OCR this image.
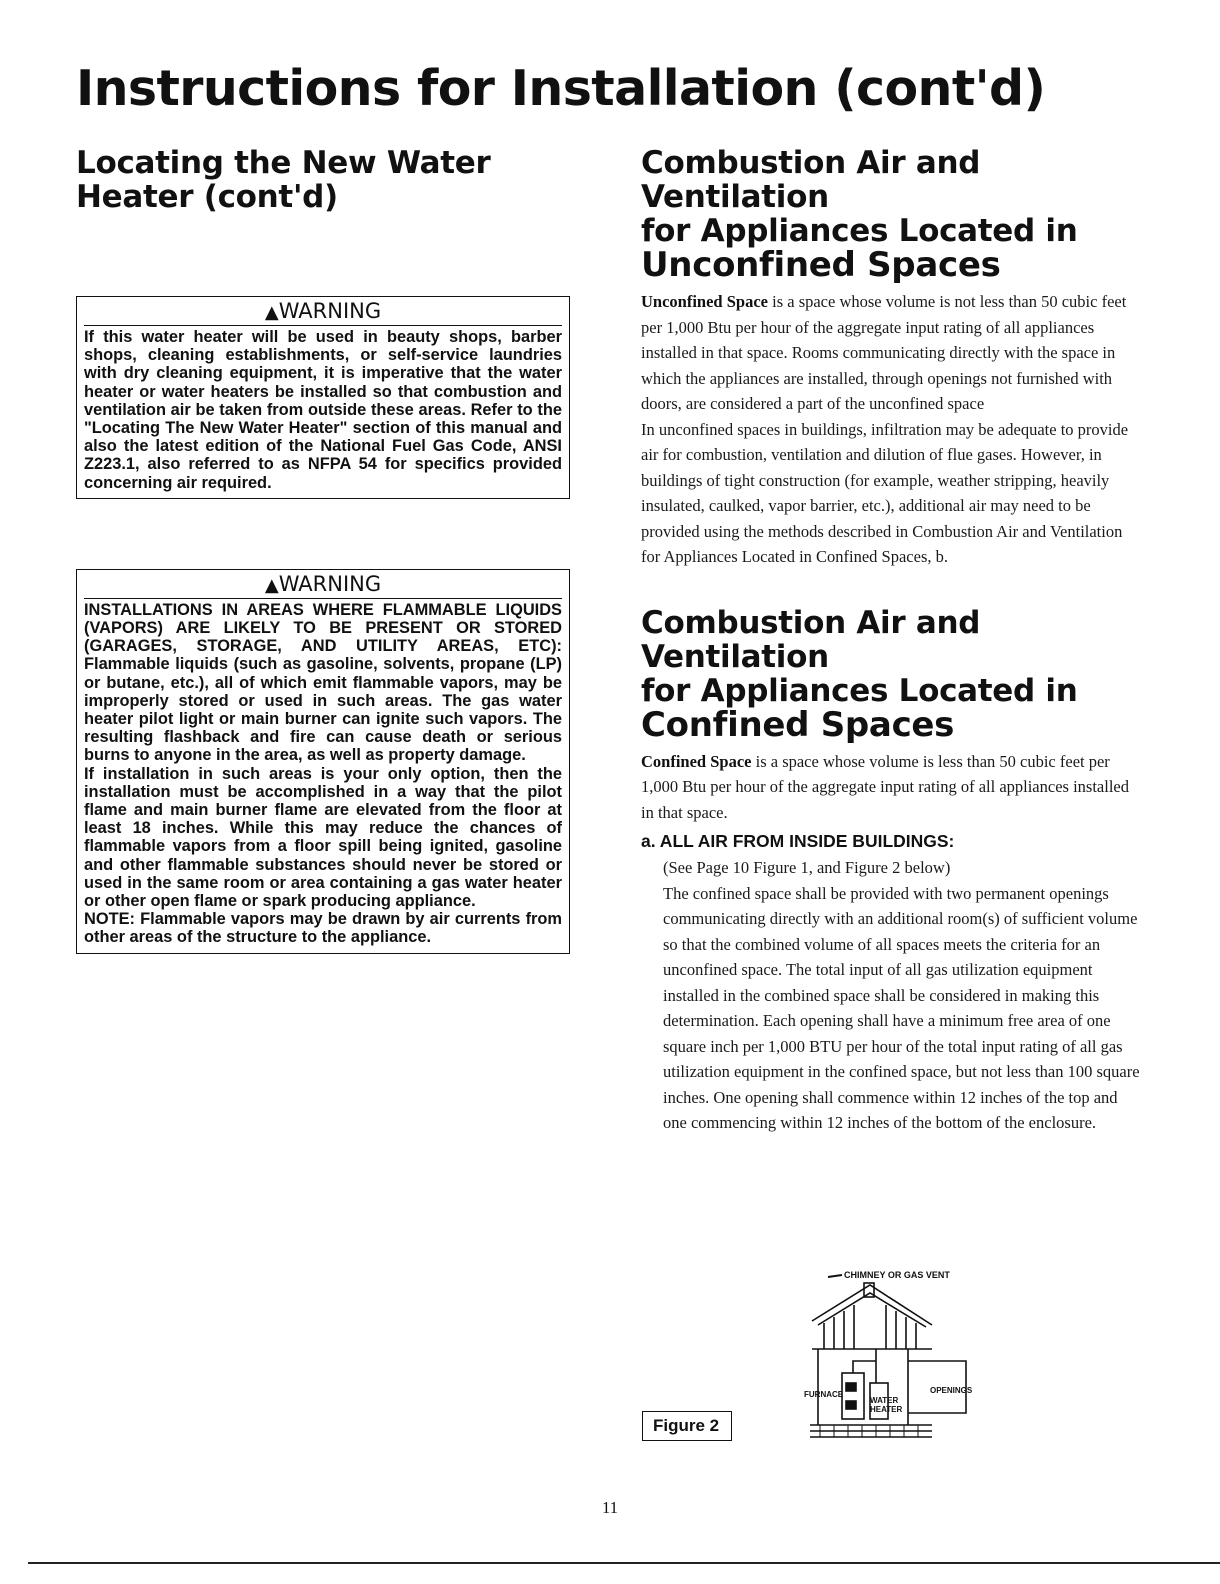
Instructions for Installation (cont'd)
Locating the New Water Heater (cont'd)
▲WARNING

If this water heater will be used in beauty shops, barber shops, cleaning establishments, or self-service laundries with dry cleaning equipment, it is imperative that the water heater or water heaters be installed so that combustion and ventilation air be taken from outside these areas. Refer to the "Locating The New Water Heater" section of this manual and also the latest edition of the National Fuel Gas Code, ANSI Z223.1, also referred to as NFPA 54 for specifics provided concerning air required.

▲WARNING

INSTALLATIONS IN AREAS WHERE FLAMMABLE LIQUIDS (VAPORS) ARE LIKELY TO BE PRESENT OR STORED (GARAGES, STORAGE, AND UTILITY AREAS, ETC): Flammable liquids (such as gasoline, solvents, propane (LP) or butane, etc.), all of which emit flammable vapors, may be improperly stored or used in such areas. The gas water heater pilot light or main burner can ignite such vapors. The resulting flashback and fire can cause death or serious burns to anyone in the area, as well as property damage.

If installation in such areas is your only option, then the installation must be accomplished in a way that the pilot flame and main burner flame are elevated from the floor at least 18 inches. While this may reduce the chances of flammable vapors from a floor spill being ignited, gasoline and other flammable substances should never be stored or used in the same room or area containing a gas water heater or other open flame or spark producing appliance.

NOTE: Flammable vapors may be drawn by air currents from other areas of the structure to the appliance.

Combustion Air and Ventilation
for Appliances Located in
Unconfined Spaces

Unconfined Space is a space whose volume is not less than 50 cubic feet per 1,000 Btu per hour of the aggregate input rating of all appliances installed in that space. Rooms communicating directly with the space in which the appliances are installed, through openings not furnished with doors, are considered a part of the unconfined space

In unconfined spaces in buildings, infiltration may be adequate to provide air for combustion, ventilation and dilution of flue gases. However, in buildings of tight construction (for example, weather stripping, heavily insulated, caulked, vapor barrier, etc.), additional air may need to be provided using the methods described in Combustion Air and Ventilation for Appliances Located in Confined Spaces, b.

Combustion Air and Ventilation
for Appliances Located in
Confined Spaces

Confined Space is a space whose volume is less than 50 cubic feet per 1,000 Btu per hour of the aggregate input rating of all appliances installed in that space.

a. ALL AIR FROM INSIDE BUILDINGS:

(See Page 10 Figure 1, and Figure 2 below)

The confined space shall be provided with two permanent openings communicating directly with an additional room(s) of sufficient volume so that the combined volume of all spaces meets the criteria for an unconfined space. The total input of all gas utilization equipment installed in the combined space shall be considered in making this determination. Each opening shall have a minimum free area of one square inch per 1,000 BTU per hour of the total input rating of all gas utilization equipment in the confined space, but not less than 100 square inches. One opening shall commence within 12 inches of the top and one commencing within 12 inches of the bottom of the enclosure.

Figure 2
CHIMNEY OR GAS VENT
FURNACE
WATER
HEATER
OPENINGS
11
